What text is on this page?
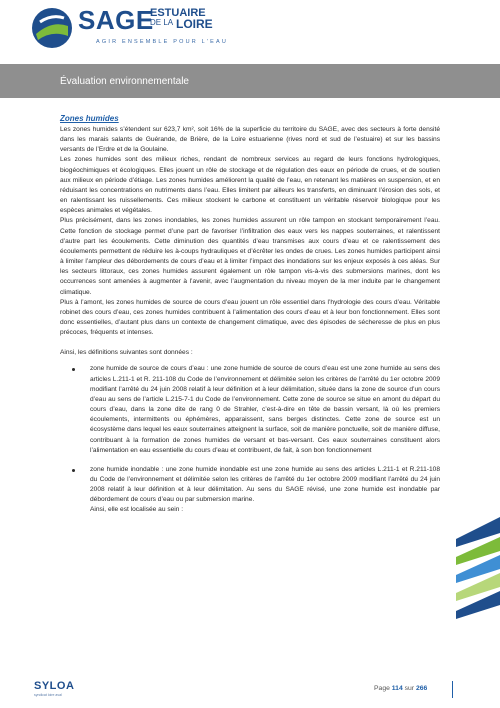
SAGE
ESTUAIRE
DE LA LOIRE
AGIR ENSEMBLE POUR L'EAU
Évaluation environnementale

Zones humides

Les zones humides s’étendent sur 623,7 km², soit 16% de la superficie du territoire du SAGE, avec des secteurs à forte densité dans les marais salants de Guérande, de Brière, de la Loire estuarienne (rives nord et sud de l’estuaire) et sur les bassins versants de l’Erdre et de la Goulaine.

Les zones humides sont des milieux riches, rendant de nombreux services au regard de leurs fonctions hydrologiques, biogéochimiques et écologiques. Elles jouent un rôle de stockage et de régulation des eaux en période de crues, et de soutien aux milieux en période d’étiage. Les zones humides améliorent la qualité de l’eau, en retenant les matières en suspension, et en réduisant les concentrations en nutriments dans l’eau. Elles limitent par ailleurs les transferts, en diminuant l’érosion des sols, et en ralentissant les ruissellements. Ces milieux stockent le carbone et constituent un véritable réservoir biologique pour les espèces animales et végétales.

Plus précisément, dans les zones inondables, les zones humides assurent un rôle tampon en stockant temporairement l’eau. Cette fonction de stockage permet d’une part de favoriser l’infiltration des eaux vers les nappes souterraines, et ralentissent d’autre part les écoulements. Cette diminution des quantités d’eau transmises aux cours d’eau et ce ralentissement des écoulements permettent de réduire les à-coups hydrauliques et d’écrêter les ondes de crues. Les zones humides participent ainsi à limiter l’ampleur des débordements de cours d’eau et à limiter l’impact des inondations sur les enjeux exposés à ces aléas. Sur les secteurs littoraux, ces zones humides assurent également un rôle tampon vis-à-vis des submersions marines, dont les occurrences sont amenées à augmenter à l’avenir, avec l’augmentation du niveau moyen de la mer induite par le changement climatique.

Plus à l’amont, les zones humides de source de cours d’eau jouent un rôle essentiel dans l’hydrologie des cours d’eau. Véritable robinet des cours d’eau, ces zones humides contribuent à l’alimentation des cours d’eau et à leur bon fonctionnement. Elles sont donc essentielles, d’autant plus dans un contexte de changement climatique, avec des épisodes de sécheresse de plus en plus précoces, fréquents et intenses.

Ainsi, les définitions suivantes sont données :

zone humide de source de cours d’eau : une zone humide de source de cours d’eau est une zone humide au sens des articles L.211-1 et R. 211-108 du Code de l’environnement et délimitée selon les critères de l’arrêté du 1er octobre 2009 modifiant l’arrêté du 24 juin 2008 relatif à leur définition et à leur délimitation, située dans la zone de source d’un cours d’eau au sens de l’article L.215-7-1 du Code de l’environnement. Cette zone de source se situe en amont du départ du cours d’eau, dans la zone dite de rang 0 de Strahler, c’est-à-dire en tête de bassin versant, là où les premiers écoulements, intermittents ou éphémères, apparaissent, sans berges distinctes. Cette zone de source est un écosystème dans lequel les eaux souterraines atteignent la surface, soit de manière ponctuelle, soit de manière diffuse, contribuant à la formation de zones humides de versant et bas-versant. Ces eaux souterraines constituent alors l’alimentation en eau essentielle du cours d’eau et contribuent, de fait, à son bon fonctionnement
zone humide inondable : une zone humide inondable est une zone humide au sens des articles L.211-1 et R.211-108 du Code de l’environnement et délimitée selon les critères de l’arrêté du 1er octobre 2009 modifiant l’arrêté du 24 juin 2008 relatif à leur définition et à leur délimitation. Au sens du SAGE révisé, une zone humide est inondable par débordement de cours d’eau ou par submersion marine.
Ainsi, elle est localisée au sein :
SYLOA
syndicat loire aval
Page 114 sur 266
